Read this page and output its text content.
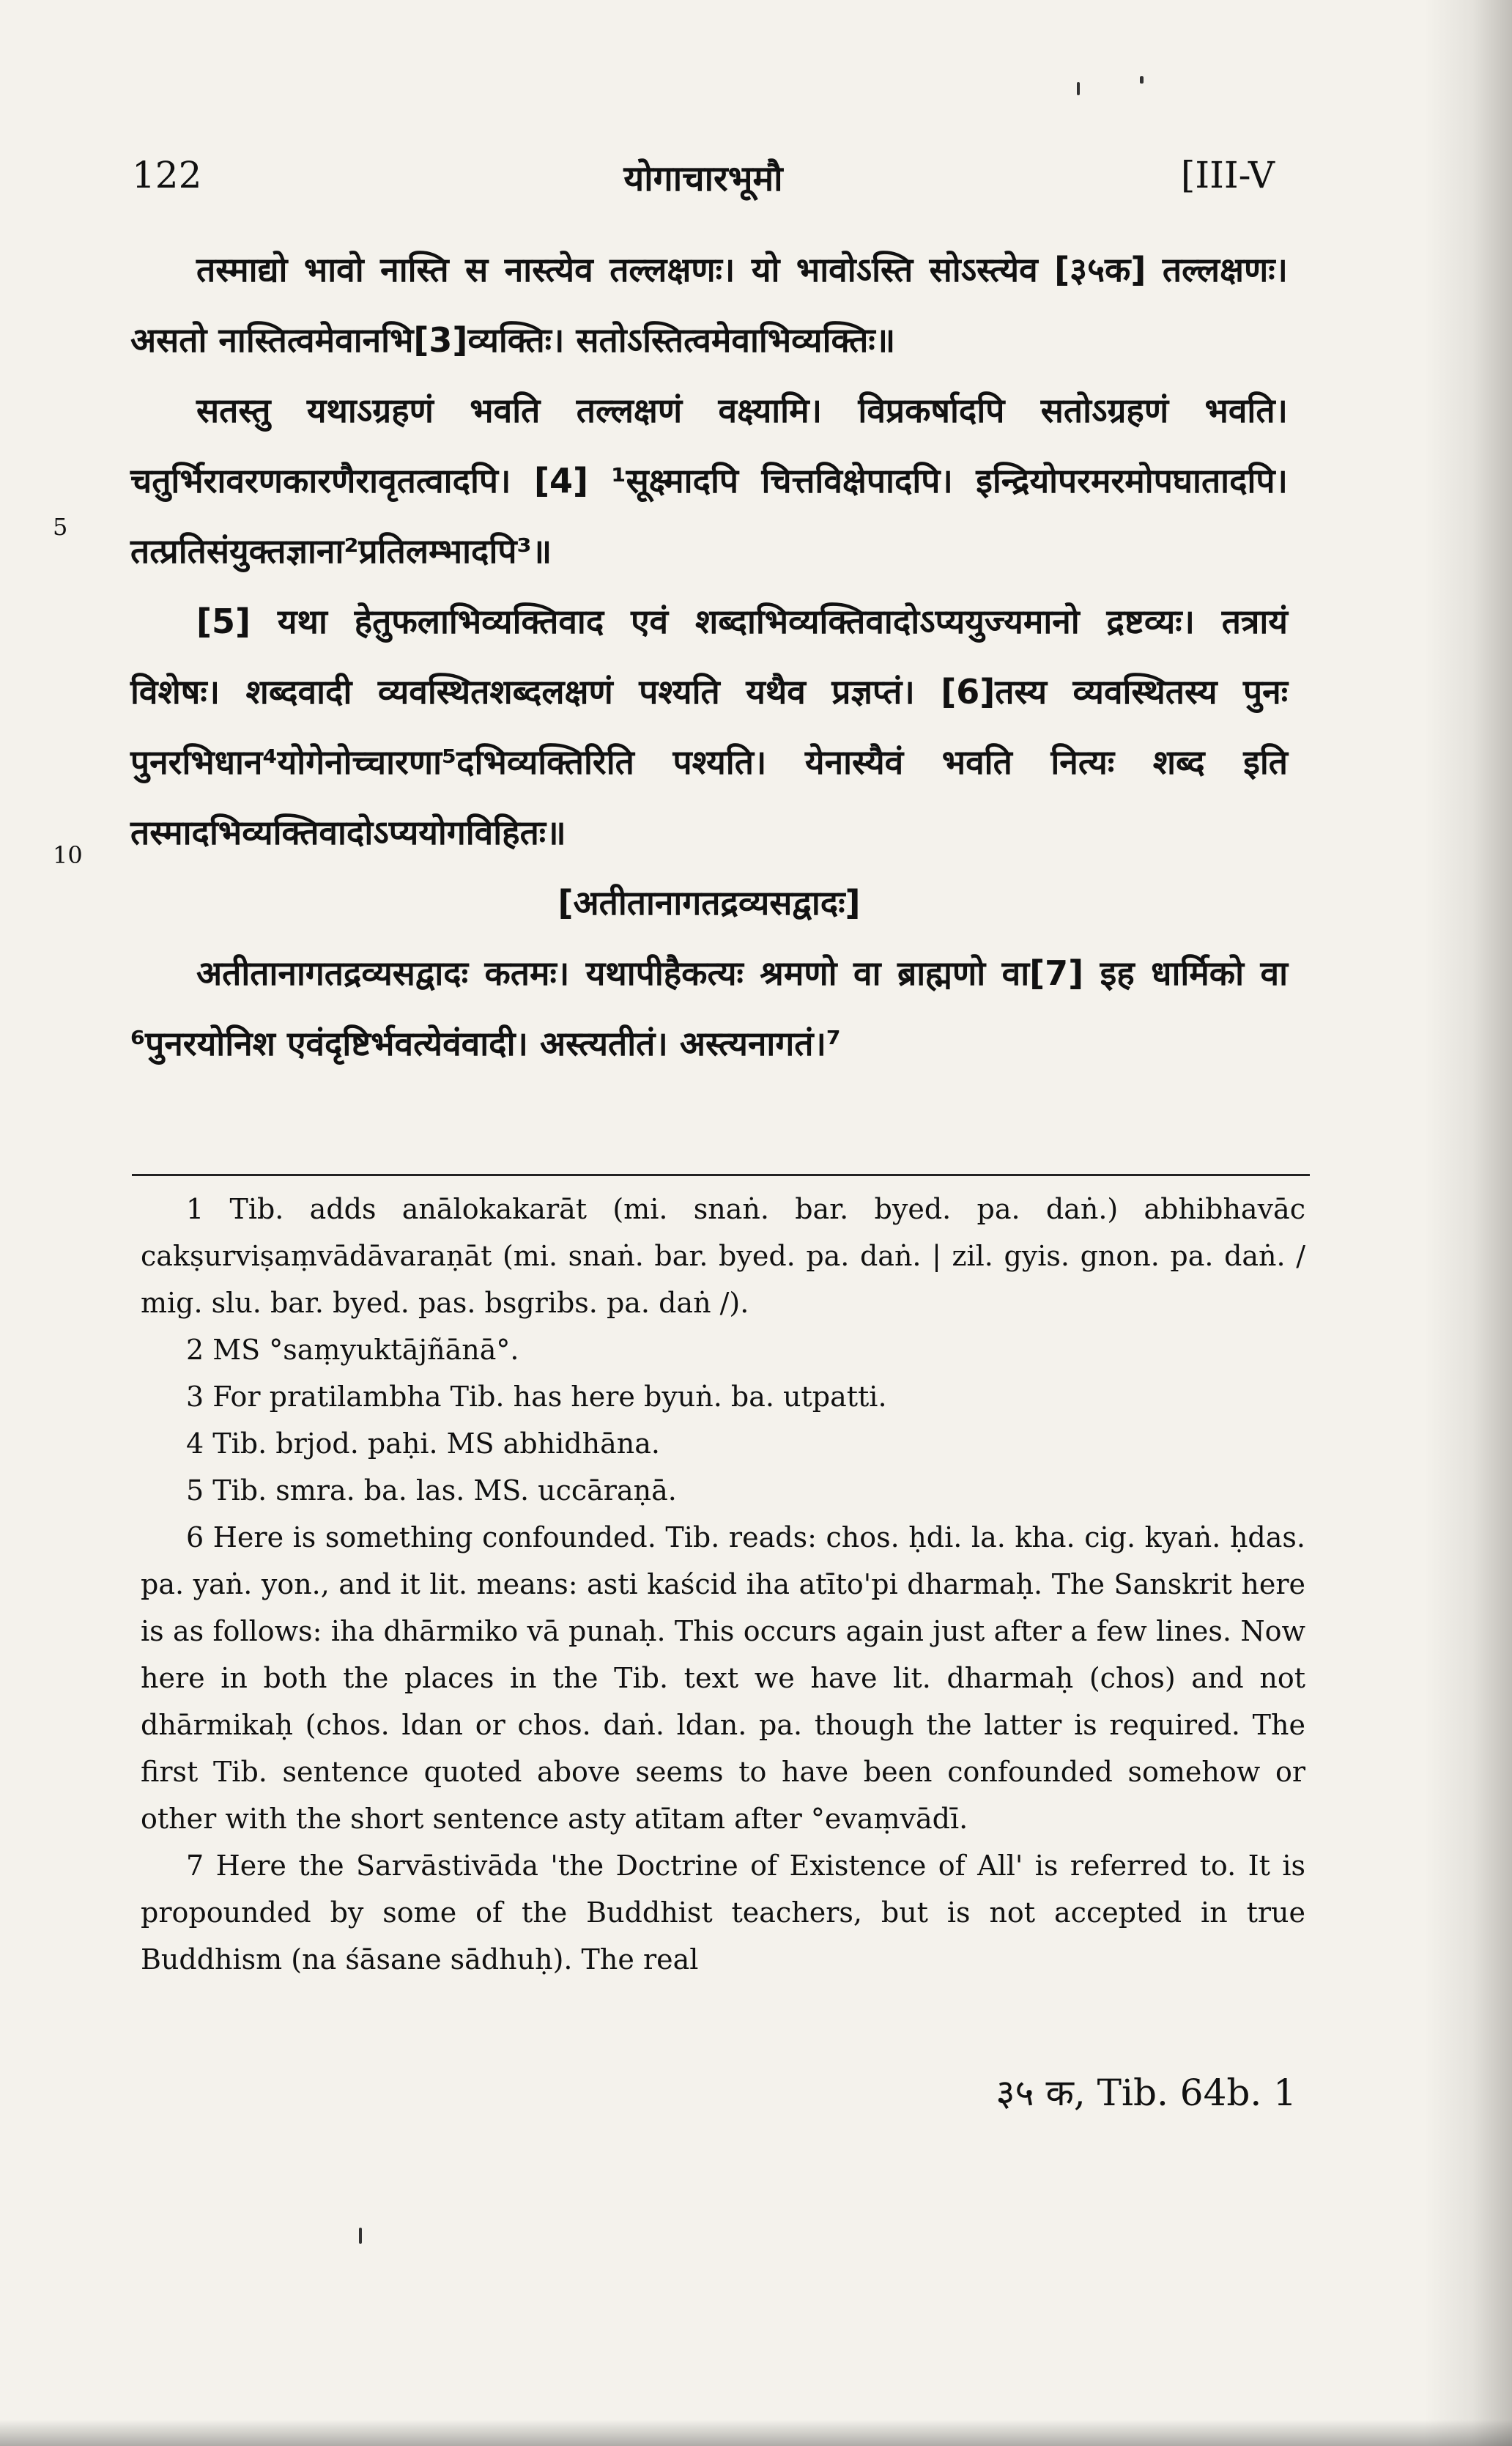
122	योगाचारभूमौ	[III-V
5
10

तस्माद्यो भावो नास्ति स नास्त्येव तल्लक्षणः। यो भावोऽस्ति सोऽस्त्येव [३५क] तल्लक्षणः। असतो नास्तित्वमेवानभि[3]व्यक्तिः। सतोऽस्तित्वमेवाभिव्यक्तिः॥

सतस्तु यथाऽग्रहणं भवति तल्लक्षणं वक्ष्यामि। विप्रकर्षादपि सतोऽग्रहणं भवति। चतुर्भिरावरणकारणैरावृतत्वादपि। [4] ¹सूक्ष्मादपि चित्तविक्षेपादपि। इन्द्रियोपरमरमोपघातादपि। तत्प्रतिसंयुक्तज्ञाना²प्रतिलम्भादपि³॥

[5] यथा हेतुफलाभिव्यक्तिवाद एवं शब्दाभिव्यक्तिवादोऽप्ययुज्यमानो द्रष्टव्यः। तत्रायं विशेषः। शब्दवादी व्यवस्थितशब्दलक्षणं पश्यति यथैव प्रज्ञप्तं। [6]तस्य व्यवस्थितस्य पुनः पुनरभिधान⁴योगेनोच्चारणा⁵दभिव्यक्तिरिति पश्यति। येनास्यैवं भवति नित्यः शब्द इति तस्मादभिव्यक्तिवादोऽप्ययोगविहितः॥

[अतीतानागतद्रव्यसद्वादः]

अतीतानागतद्रव्यसद्वादः कतमः। यथापीहैकत्यः श्रमणो वा ब्राह्मणो वा[7] इह धार्मिको वा ⁶पुनरयोनिश एवंदृष्टिर्भवत्येवंवादी। अस्त्यतीतं। अस्त्यनागतं।⁷

1 Tib. adds anālokakarāt (mi. snaṅ. bar. byed. pa. daṅ.) abhibhavāc cakṣurviṣaṃvādāvaraṇāt (mi. snaṅ. bar. byed. pa. daṅ. | zil. gyis. gnon. pa. daṅ. / mig. slu. bar. byed. pas. bsgribs. pa. daṅ /).

2 MS °saṃyuktājñānā°.

3 For pratilambha Tib. has here byuṅ. ba. utpatti.

4 Tib. brjod. paḥi. MS abhidhāna.

5 Tib. smra. ba. las. MS. uccāraṇā.

6 Here is something confounded. Tib. reads: chos. ḥdi. la. kha. cig. kyaṅ. ḥdas. pa. yaṅ. yon., and it lit. means: asti kaścid iha atīto'pi dharmaḥ. The Sanskrit here is as follows: iha dhārmiko vā punaḥ. This occurs again just after a few lines. Now here in both the places in the Tib. text we have lit. dharmaḥ (chos) and not dhārmikaḥ (chos. ldan or chos. daṅ. ldan. pa. though the latter is required. The first Tib. sentence quoted above seems to have been confounded somehow or other with the short sentence asty atītam after °evaṃvādī.

7 Here the Sarvāstivāda 'the Doctrine of Existence of All' is referred to. It is propounded by some of the Buddhist teachers, but is not accepted in true Buddhism (na śāsane sādhuḥ). The real

३५ क, Tib. 64b. 1
